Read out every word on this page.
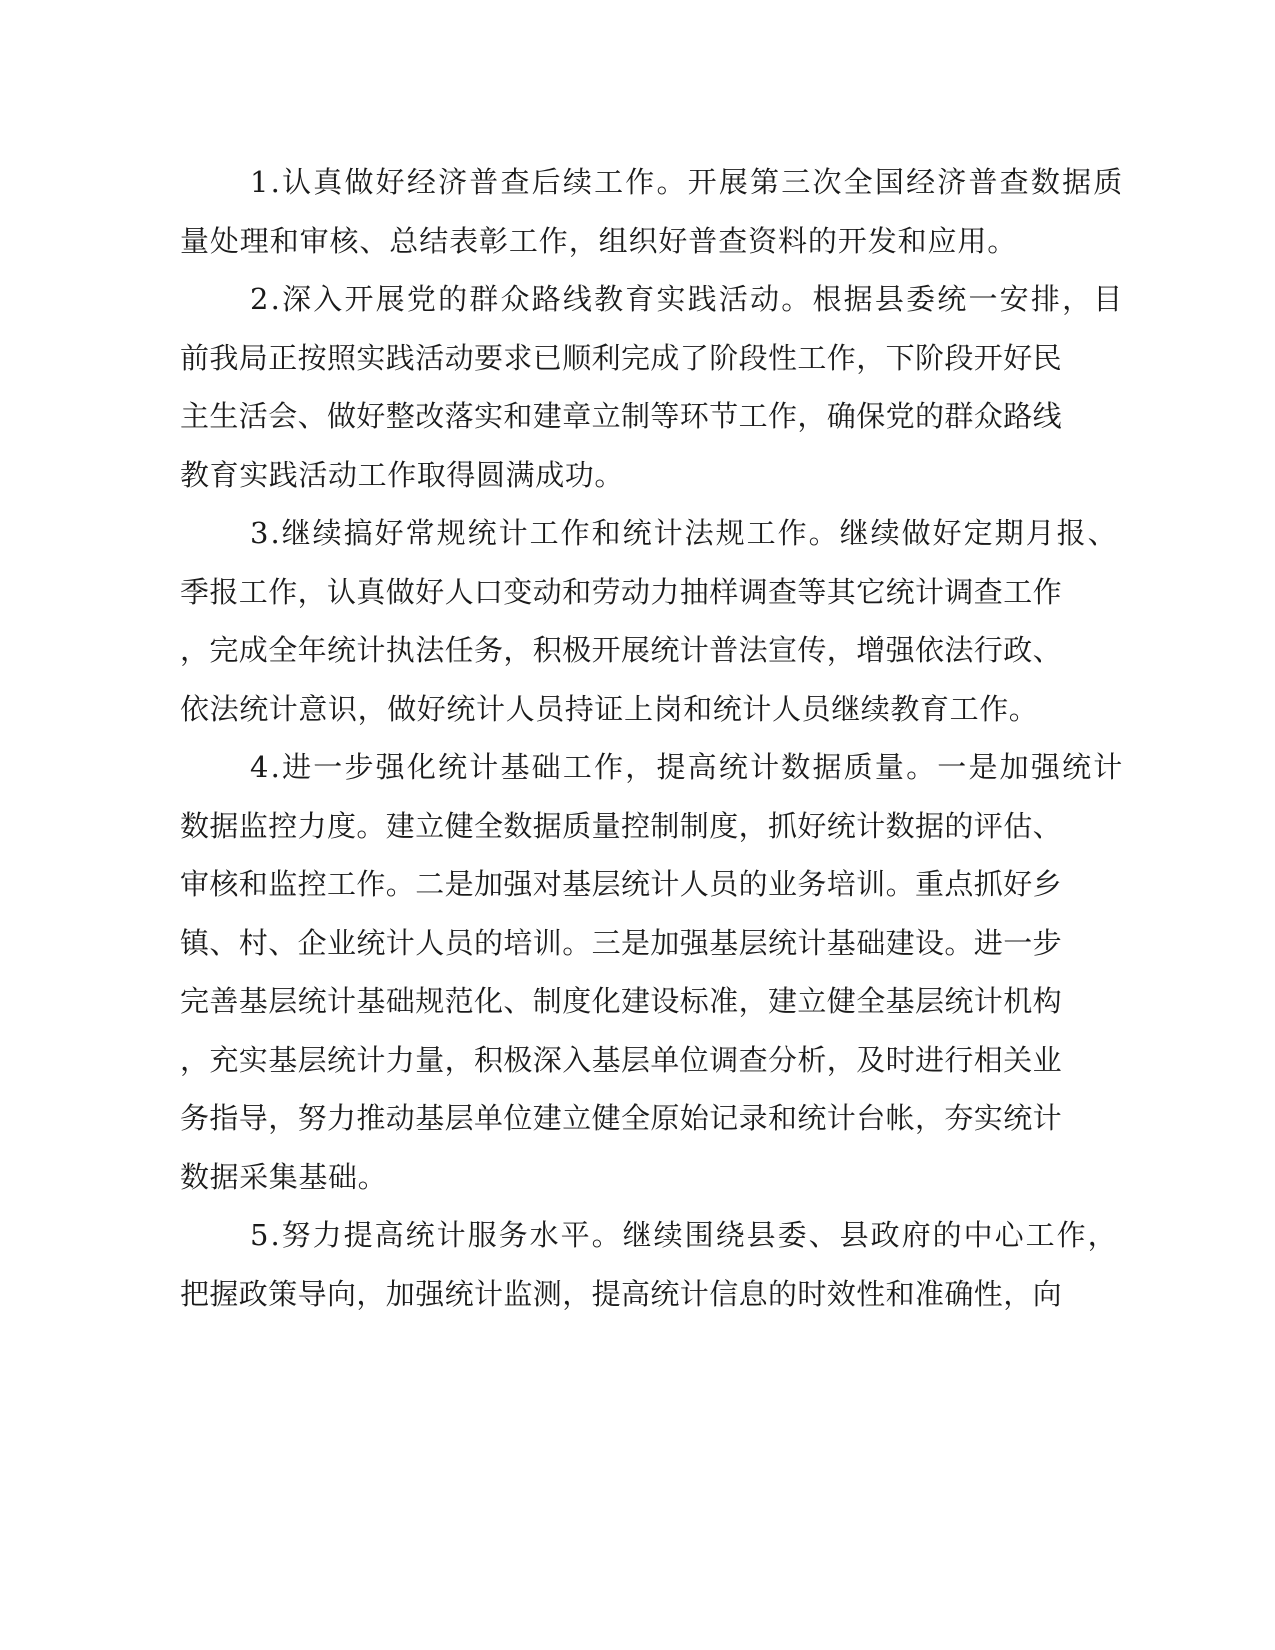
1.认真做好经济普查后续工作。开展第三次全国经济普查数据质
量处理和审核、总结表彰工作，组织好普查资料的开发和应用。
2.深入开展党的群众路线教育实践活动。根据县委统一安排，目
前我局正按照实践活动要求已顺利完成了阶段性工作，下阶段开好民
主生活会、做好整改落实和建章立制等环节工作，确保党的群众路线
教育实践活动工作取得圆满成功。
3.继续搞好常规统计工作和统计法规工作。继续做好定期月报、
季报工作，认真做好人口变动和劳动力抽样调查等其它统计调查工作
，完成全年统计执法任务，积极开展统计普法宣传，增强依法行政、
依法统计意识，做好统计人员持证上岗和统计人员继续教育工作。
4.进一步强化统计基础工作，提高统计数据质量。一是加强统计
数据监控力度。建立健全数据质量控制制度，抓好统计数据的评估、
审核和监控工作。二是加强对基层统计人员的业务培训。重点抓好乡
镇、村、企业统计人员的培训。三是加强基层统计基础建设。进一步
完善基层统计基础规范化、制度化建设标准，建立健全基层统计机构
，充实基层统计力量，积极深入基层单位调查分析，及时进行相关业
务指导，努力推动基层单位建立健全原始记录和统计台帐，夯实统计
数据采集基础。
5.努力提高统计服务水平。继续围绕县委、县政府的中心工作，
把握政策导向，加强统计监测，提高统计信息的时效性和准确性，向
